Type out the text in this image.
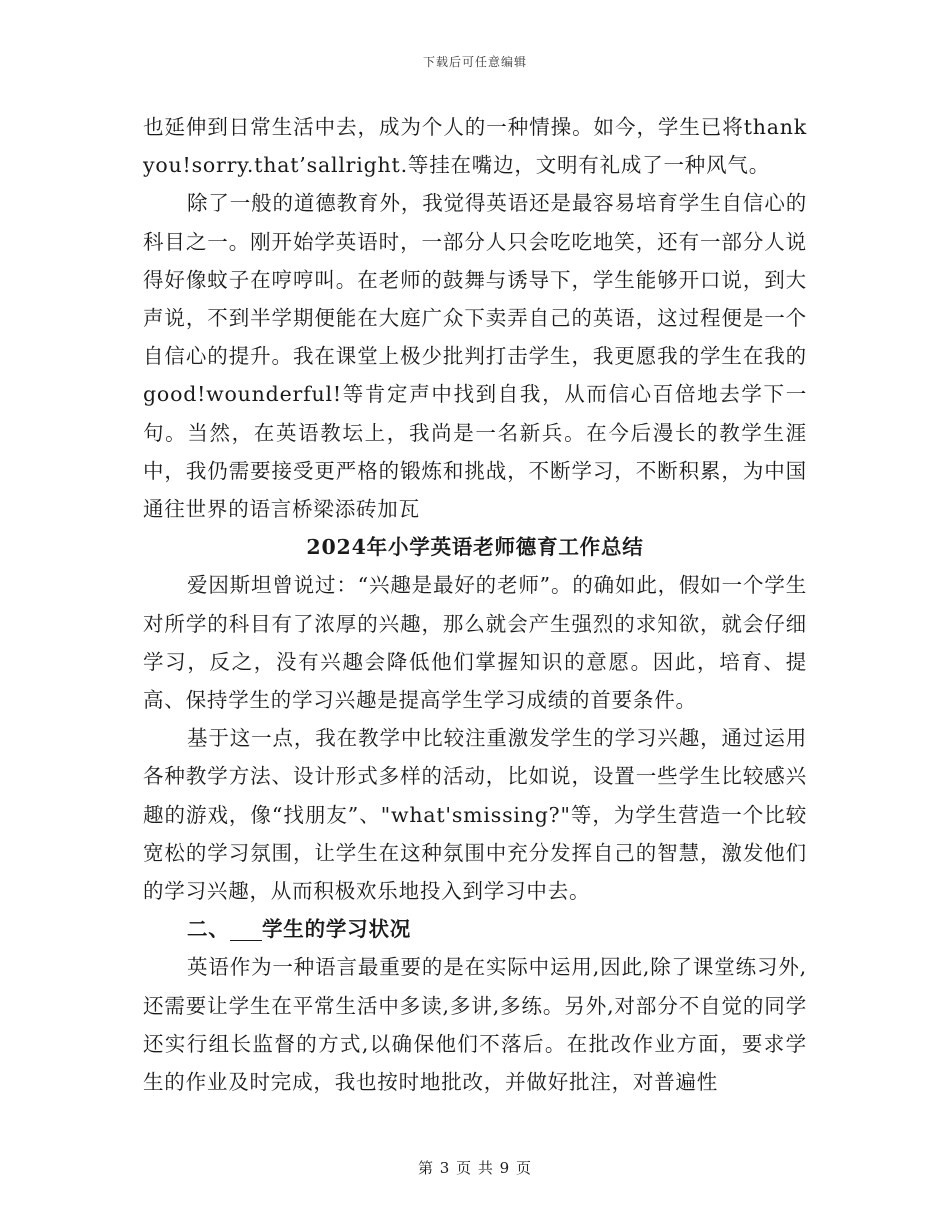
下载后可任意编辑

也延伸到日常生活中去，成为个人的一种情操。如今，学生已将thankyou!sorry.that’sallright.等挂在嘴边，文明有礼成了一种风气。

除了一般的道德教育外，我觉得英语还是最容易培育学生自信心的科目之一。刚开始学英语时，一部分人只会吃吃地笑，还有一部分人说得好像蚊子在哼哼叫。在老师的鼓舞与诱导下，学生能够开口说，到大声说，不到半学期便能在大庭广众下卖弄自己的英语，这过程便是一个自信心的提升。我在课堂上极少批判打击学生，我更愿我的学生在我的good!wounderful!等肯定声中找到自我，从而信心百倍地去学下一句。当然，在英语教坛上，我尚是一名新兵。在今后漫长的教学生涯中，我仍需要接受更严格的锻炼和挑战，不断学习，不断积累，为中国通往世界的语言桥梁添砖加瓦

2024年小学英语老师德育工作总结

爱因斯坦曾说过：“兴趣是最好的老师”。的确如此，假如一个学生对所学的科目有了浓厚的兴趣，那么就会产生强烈的求知欲，就会仔细学习，反之，没有兴趣会降低他们掌握知识的意愿。因此，培育、提高、保持学生的学习兴趣是提高学生学习成绩的首要条件。

基于这一点，我在教学中比较注重激发学生的学习兴趣，通过运用各种教学方法、设计形式多样的活动，比如说，设置一些学生比较感兴趣的游戏，像“找朋友”、"what'smissing?"等，为学生营造一个比较宽松的学习氛围，让学生在这种氛围中充分发挥自己的智慧，激发他们的学习兴趣，从而积极欢乐地投入到学习中去。

二、   学生的学习状况

英语作为一种语言最重要的是在实际中运用,因此,除了课堂练习外,还需要让学生在平常生活中多读,多讲,多练。另外,对部分不自觉的同学还实行组长监督的方式,以确保他们不落后。在批改作业方面，要求学生的作业及时完成，我也按时地批改，并做好批注，对普遍性

第 3 页 共 9 页
